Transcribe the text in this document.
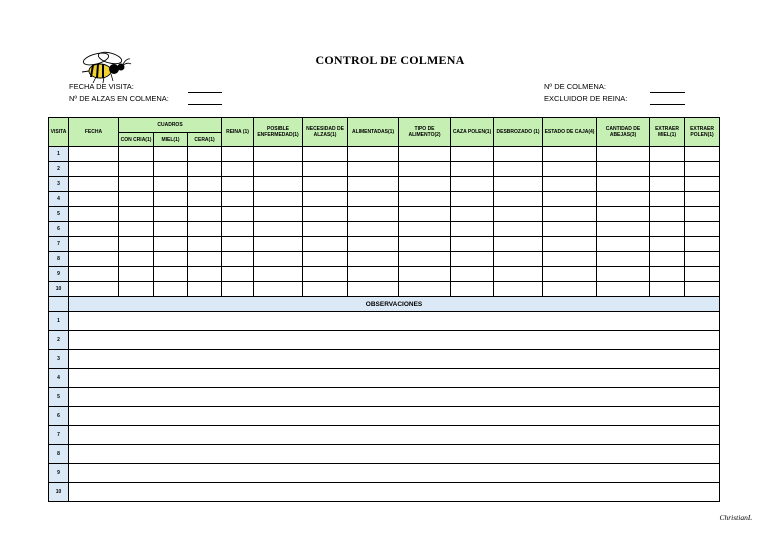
CONTROL DE COLMENA
FECHA DE VISITA:
Nº DE ALZAS EN COLMENA:
Nº DE COLMENA:
EXCLUIDOR DE REINA:
VISITA	FECHA	CUADROS			REINA (1)	POSIBLE ENFERMEDAD(1)	NECESIDAD DE ALZAS(1)	ALIMENTADAS(1)	TIPO DE ALIMENTO(2)	CAZA POLEN(1)	DESBROZADO (1)	ESTADO DE CAJA(4)	CANTIDAD DE ABEJAS(3)	EXTRAER MIEL(1)	EXTRAER POLEN(1)
		CON CRIA(1)	MIEL(1)	CERA(1)											
1															
2															
3															
4															
5															
6															
7															
8															
9															
10															
	OBSERVACIONES														
1															
2															
3															
4															
5															
6															
7															
8															
9															
10															
ChristianL
